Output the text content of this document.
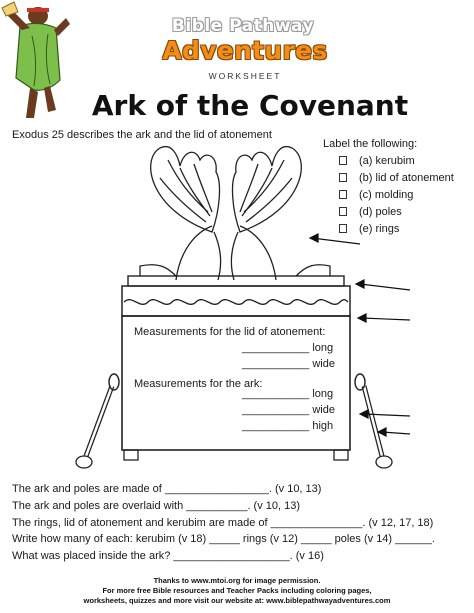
Bible Pathway
Adventures
WORKSHEET
Ark of the Covenant
Exodus 25 describes the ark and the lid of atonement
Label the following:
(a) kerubim
(b) lid of atonement
(c) molding
(d) poles
(e) rings
Measurements for the lid of atonement:
___________ long
___________ wide
Measurements for the ark:
___________ long
___________ wide
___________ high
The ark and poles are made of _________________. (v 10, 13)
The ark and poles are overlaid with __________. (v 10, 13)
The rings, lid of atonement and kerubim are made of _______________. (v 12, 17, 18)
Write how many of each: kerubim (v 18) _____ rings (v 12) _____ poles (v 14) ______.
What was placed inside the ark? ___________________. (v 16)
Thanks to www.mtoi.org for image permission.
For more free Bible resources and Teacher Packs including coloring pages,
worksheets, quizzes and more visit our website at: www.biblepathwayadventures.com
